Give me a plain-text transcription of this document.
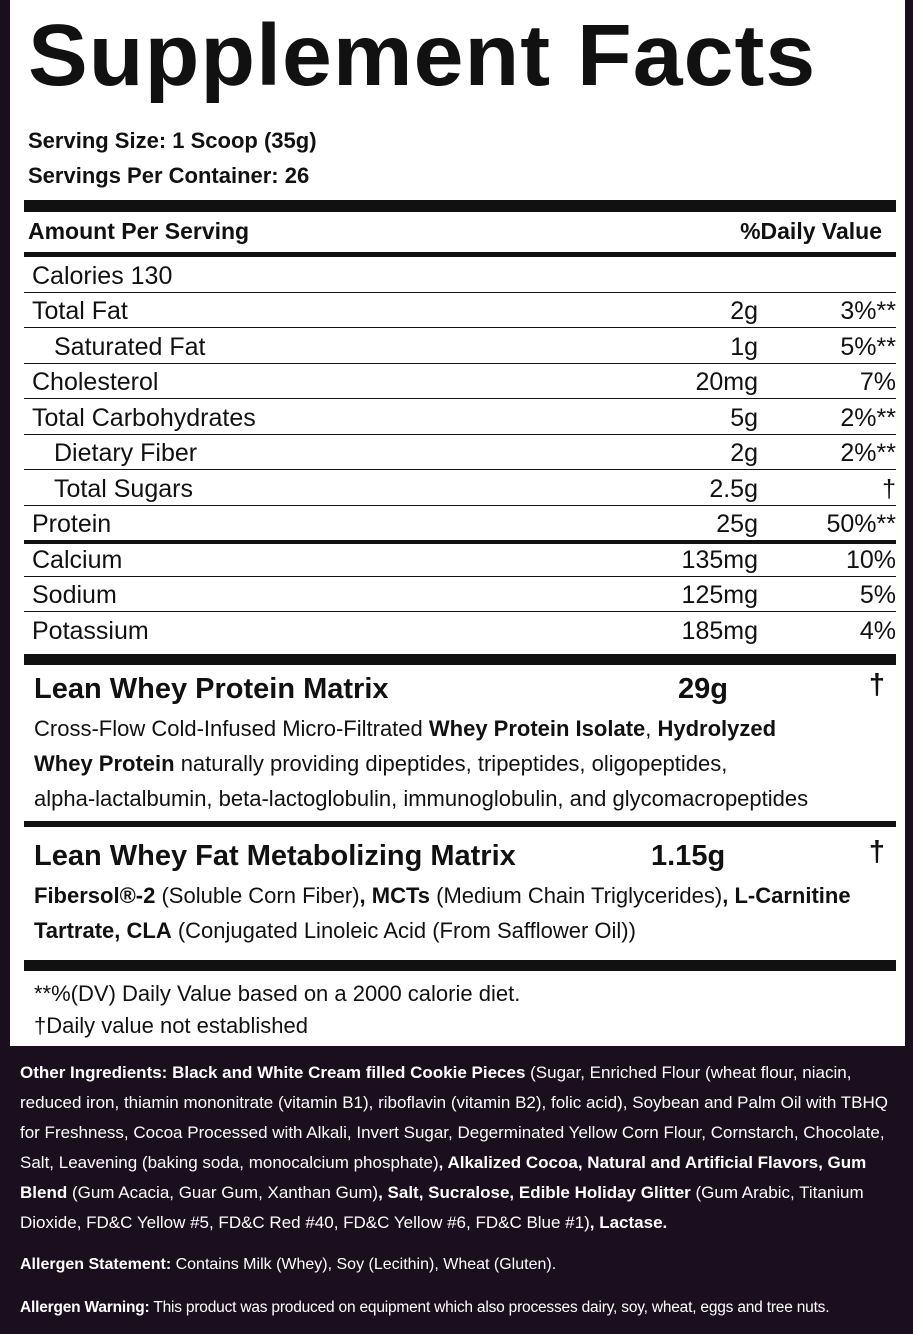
Supplement Facts
Serving Size: 1 Scoop (35g)
Servings Per Container: 26
Amount Per Serving	%Daily Value
Calories 130
Total Fat	2g	3%**
Saturated Fat	1g	5%**
Cholesterol	20mg	7%
Total Carbohydrates	5g	2%**
Dietary Fiber	2g	2%**
Total Sugars	2.5g	†
Protein	25g	50%**
Calcium	135mg	10%
Sodium	125mg	5%
Potassium	185mg	4%
Lean Whey Protein Matrix	29g	†
Cross-Flow Cold-Infused Micro-Filtrated Whey Protein Isolate, Hydrolyzed
Whey Protein naturally providing dipeptides, tripeptides, oligopeptides,
alpha-lactalbumin, beta-lactoglobulin, immunoglobulin, and glycomacropeptides
Lean Whey Fat Metabolizing Matrix	1.15g	†
Fibersol®-2 (Soluble Corn Fiber), MCTs (Medium Chain Triglycerides), L-Carnitine
Tartrate, CLA (Conjugated Linoleic Acid (From Safflower Oil))
**%(DV) Daily Value based on a 2000 calorie diet.
†Daily value not established
Other Ingredients: Black and White Cream filled Cookie Pieces (Sugar, Enriched Flour (wheat flour, niacin, reduced iron, thiamin mononitrate (vitamin B1), riboflavin (vitamin B2), folic acid), Soybean and Palm Oil with TBHQ for Freshness, Cocoa Processed with Alkali, Invert Sugar, Degerminated Yellow Corn Flour, Cornstarch, Chocolate, Salt, Leavening (baking soda, monocalcium phosphate), Alkalized Cocoa, Natural and Artificial Flavors, Gum Blend (Gum Acacia, Guar Gum, Xanthan Gum), Salt, Sucralose, Edible Holiday Glitter (Gum Arabic, Titanium Dioxide, FD&C Yellow #5, FD&C Red #40, FD&C Yellow #6, FD&C Blue #1), Lactase.
Allergen Statement: Contains Milk (Whey), Soy (Lecithin), Wheat (Gluten).
Allergen Warning: This product was produced on equipment which also processes dairy, soy, wheat, eggs and tree nuts.
